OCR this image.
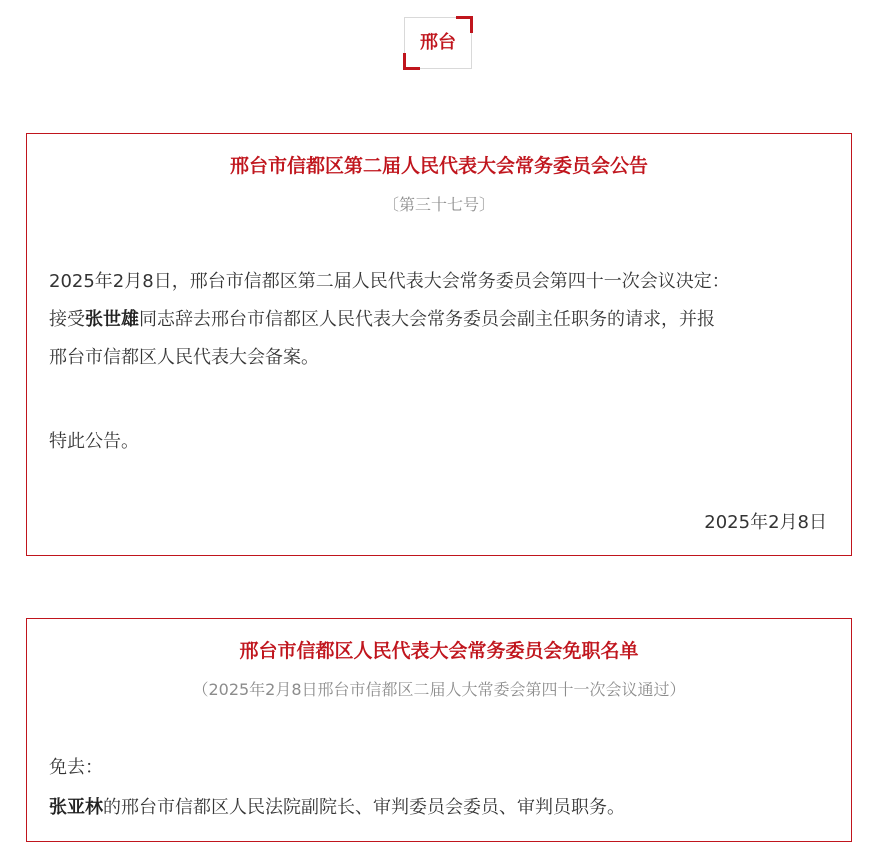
邢台
邢台市信都区第二届人民代表大会常务委员会公告
〔第三十七号〕
2025年2月8日，邢台市信都区第二届人民代表大会常务委员会第四十一次会议决定：
接受张世雄同志辞去邢台市信都区人民代表大会常务委员会副主任职务的请求，并报
邢台市信都区人民代表大会备案。
特此公告。
2025年2月8日
邢台市信都区人民代表大会常务委员会免职名单
（2025年2月8日邢台市信都区二届人大常委会第四十一次会议通过）
免去：
张亚林的邢台市信都区人民法院副院长、审判委员会委员、审判员职务。
